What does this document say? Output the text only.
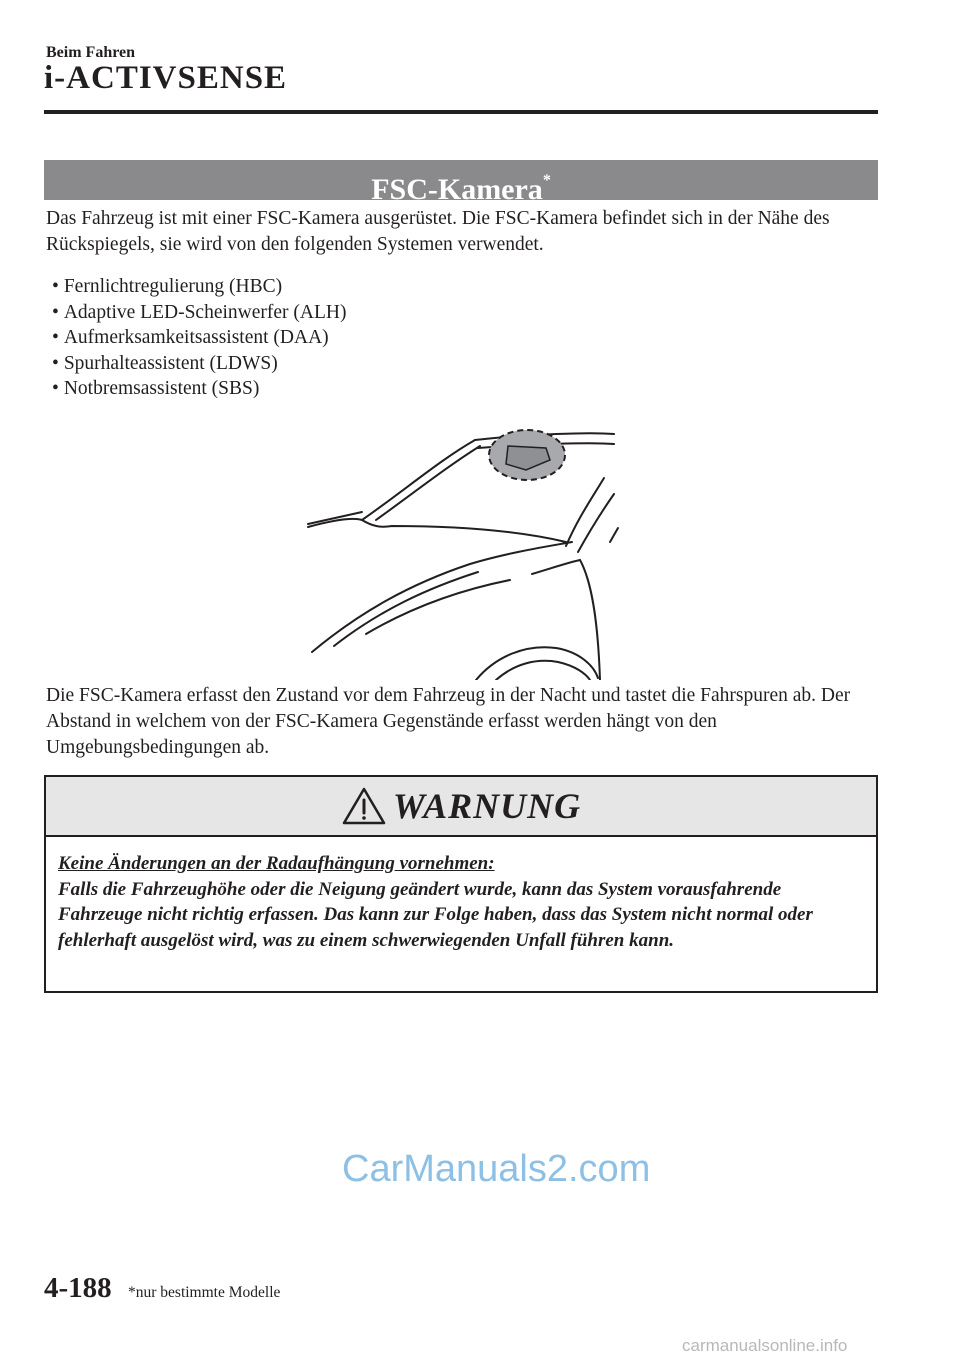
Beim Fahren
i-ACTIVSENSE
FSC-Kamera*

Das Fahrzeug ist mit einer FSC-Kamera ausgerüstet. Die FSC-Kamera befindet sich in der Nähe des Rückspiegels, sie wird von den folgenden Systemen verwendet.

• Fernlichtregulierung (HBC)
• Adaptive LED-Scheinwerfer (ALH)
• Aufmerksamkeitsassistent (DAA)
• Spurhalteassistent (LDWS)
• Notbremsassistent (SBS)

Die FSC-Kamera erfasst den Zustand vor dem Fahrzeug in der Nacht und tastet die Fahrspuren ab. Der Abstand in welchem von der FSC-Kamera Gegenstände erfasst werden hängt von den Umgebungsbedingungen ab.

WARNUNG
Keine Änderungen an der Radaufhängung vornehmen:
Falls die Fahrzeughöhe oder die Neigung geändert wurde, kann das System vorausfahrende Fahrzeuge nicht richtig erfassen. Das kann zur Folge haben, dass das System nicht normal oder fehlerhaft ausgelöst wird, was zu einem schwerwiegenden Unfall führen kann.
CarManuals2.com
4-188 *nur bestimmte Modelle
carmanualsonline.info
